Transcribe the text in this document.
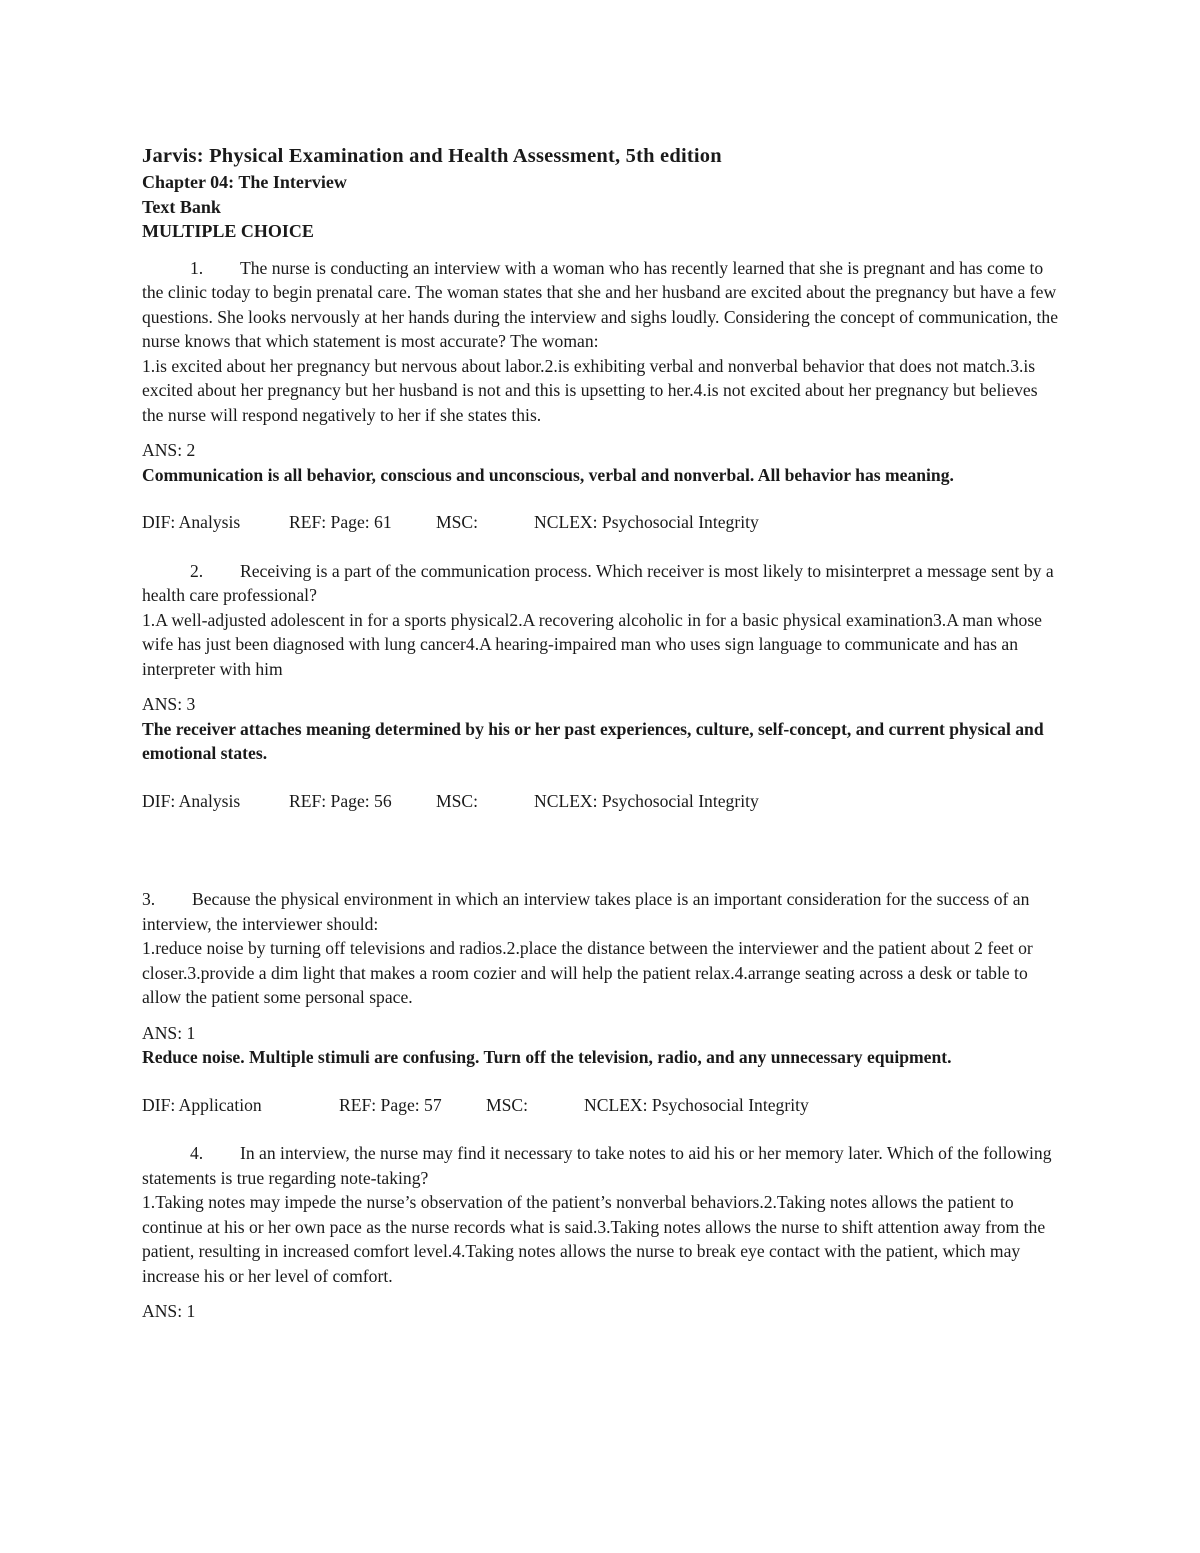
Jarvis: Physical Examination and Health Assessment, 5th edition
Chapter 04: The Interview
Text Bank
MULTIPLE CHOICE
1. The nurse is conducting an interview with a woman who has recently learned that she is pregnant and has come to the clinic today to begin prenatal care. The woman states that she and her husband are excited about the pregnancy but have a few questions. She looks nervously at her hands during the interview and sighs loudly. Considering the concept of communication, the nurse knows that which statement is most accurate? The woman:
1.is excited about her pregnancy but nervous about labor.2.is exhibiting verbal and nonverbal behavior that does not match.3.is excited about her pregnancy but her husband is not and this is upsetting to her.4.is not excited about her pregnancy but believes the nurse will respond negatively to her if she states this.
ANS: 2
Communication is all behavior, conscious and unconscious, verbal and nonverbal. All behavior has meaning.
DIF: Analysis	REF: Page: 61	MSC:	NCLEX: Psychosocial Integrity
2. Receiving is a part of the communication process. Which receiver is most likely to misinterpret a message sent by a health care professional?
1.A well-adjusted adolescent in for a sports physical2.A recovering alcoholic in for a basic physical examination3.A man whose wife has just been diagnosed with lung cancer4.A hearing-impaired man who uses sign language to communicate and has an interpreter with him
ANS: 3
The receiver attaches meaning determined by his or her past experiences, culture, self-concept, and current physical and emotional states.
DIF: Analysis	REF: Page: 56	MSC:	NCLEX: Psychosocial Integrity
3. Because the physical environment in which an interview takes place is an important consideration for the success of an interview, the interviewer should:
1.reduce noise by turning off televisions and radios.2.place the distance between the interviewer and the patient about 2 feet or closer.3.provide a dim light that makes a room cozier and will help the patient relax.4.arrange seating across a desk or table to allow the patient some personal space.
ANS: 1
Reduce noise. Multiple stimuli are confusing. Turn off the television, radio, and any unnecessary equipment.
DIF: Application	REF: Page: 57	MSC:	NCLEX: Psychosocial Integrity
4. In an interview, the nurse may find it necessary to take notes to aid his or her memory later. Which of the following statements is true regarding note-taking?
1.Taking notes may impede the nurse’s observation of the patient’s nonverbal behaviors.2.Taking notes allows the patient to continue at his or her own pace as the nurse records what is said.3.Taking notes allows the nurse to shift attention away from the patient, resulting in increased comfort level.4.Taking notes allows the nurse to break eye contact with the patient, which may increase his or her level of comfort.
ANS: 1
